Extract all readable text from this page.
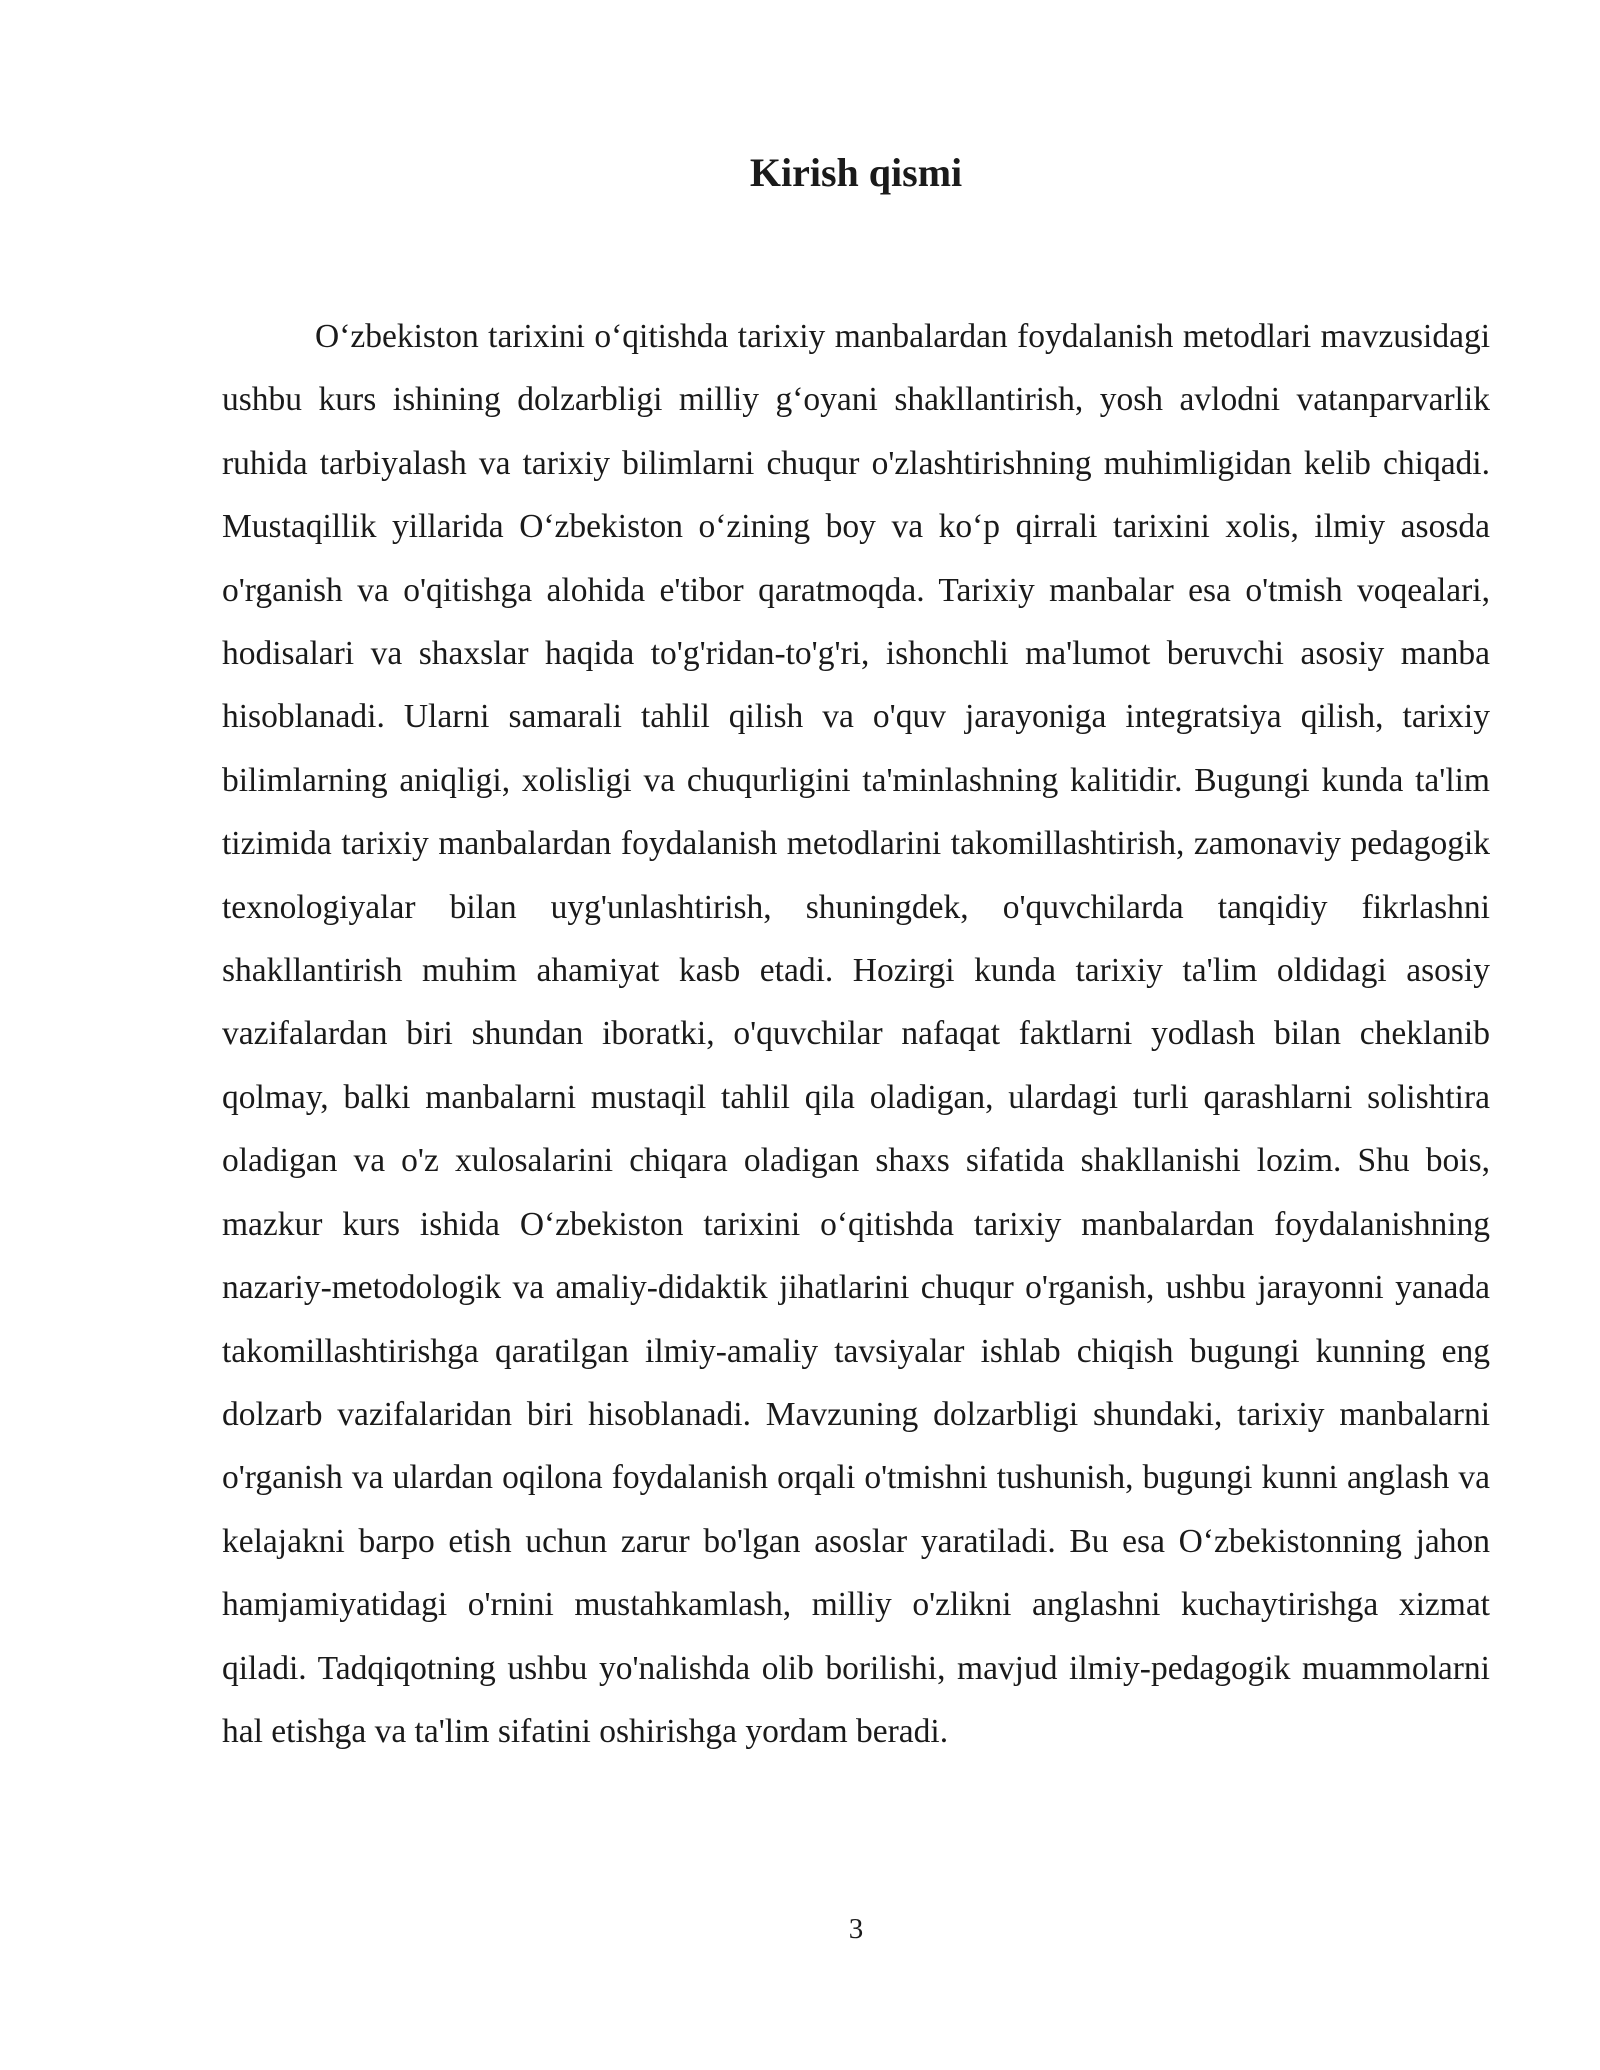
Kirish qismi

O‘zbekiston tarixini o‘qitishda tarixiy manbalardan foydalanish metodlari mavzusidagi ushbu kurs ishining dolzarbligi milliy g‘oyani shakllantirish, yosh avlodni vatanparvarlik ruhida tarbiyalash va tarixiy bilimlarni chuqur o'zlashtirishning muhimligidan kelib chiqadi. Mustaqillik yillarida O‘zbekiston o‘zining boy va ko‘p qirrali tarixini xolis, ilmiy asosda o'rganish va o'qitishga alohida e'tibor qaratmoqda. Tarixiy manbalar esa o'tmish voqealari, hodisalari va shaxslar haqida to'g'ridan-to'g'ri, ishonchli ma'lumot beruvchi asosiy manba hisoblanadi. Ularni samarali tahlil qilish va o'quv jarayoniga integratsiya qilish, tarixiy bilimlarning aniqligi, xolisligi va chuqurligini ta'minlashning kalitidir. Bugungi kunda ta'lim tizimida tarixiy manbalardan foydalanish metodlarini takomillashtirish, zamonaviy pedagogik texnologiyalar bilan uyg'unlashtirish, shuningdek, o'quvchilarda tanqidiy fikrlashni shakllantirish muhim ahamiyat kasb etadi. Hozirgi kunda tarixiy ta'lim oldidagi asosiy vazifalardan biri shundan iboratki, o'quvchilar nafaqat faktlarni yodlash bilan cheklanib qolmay, balki manbalarni mustaqil tahlil qila oladigan, ulardagi turli qarashlarni solishtira oladigan va o'z xulosalarini chiqara oladigan shaxs sifatida shakllanishi lozim. Shu bois, mazkur kurs ishida O‘zbekiston tarixini o‘qitishda tarixiy manbalardan foydalanishning nazariy-metodologik va amaliy-didaktik jihatlarini chuqur o'rganish, ushbu jarayonni yanada takomillashtirishga qaratilgan ilmiy-amaliy tavsiyalar ishlab chiqish bugungi kunning eng dolzarb vazifalaridan biri hisoblanadi. Mavzuning dolzarbligi shundaki, tarixiy manbalarni o'rganish va ulardan oqilona foydalanish orqali o'tmishni tushunish, bugungi kunni anglash va kelajakni barpo etish uchun zarur bo'lgan asoslar yaratiladi. Bu esa O‘zbekistonning jahon hamjamiyatidagi o'rnini mustahkamlash, milliy o'zlikni anglashni kuchaytirishga xizmat qiladi. Tadqiqotning ushbu yo'nalishda olib borilishi, mavjud ilmiy-pedagogik muammolarni hal etishga va ta'lim sifatini oshirishga yordam beradi.

3
